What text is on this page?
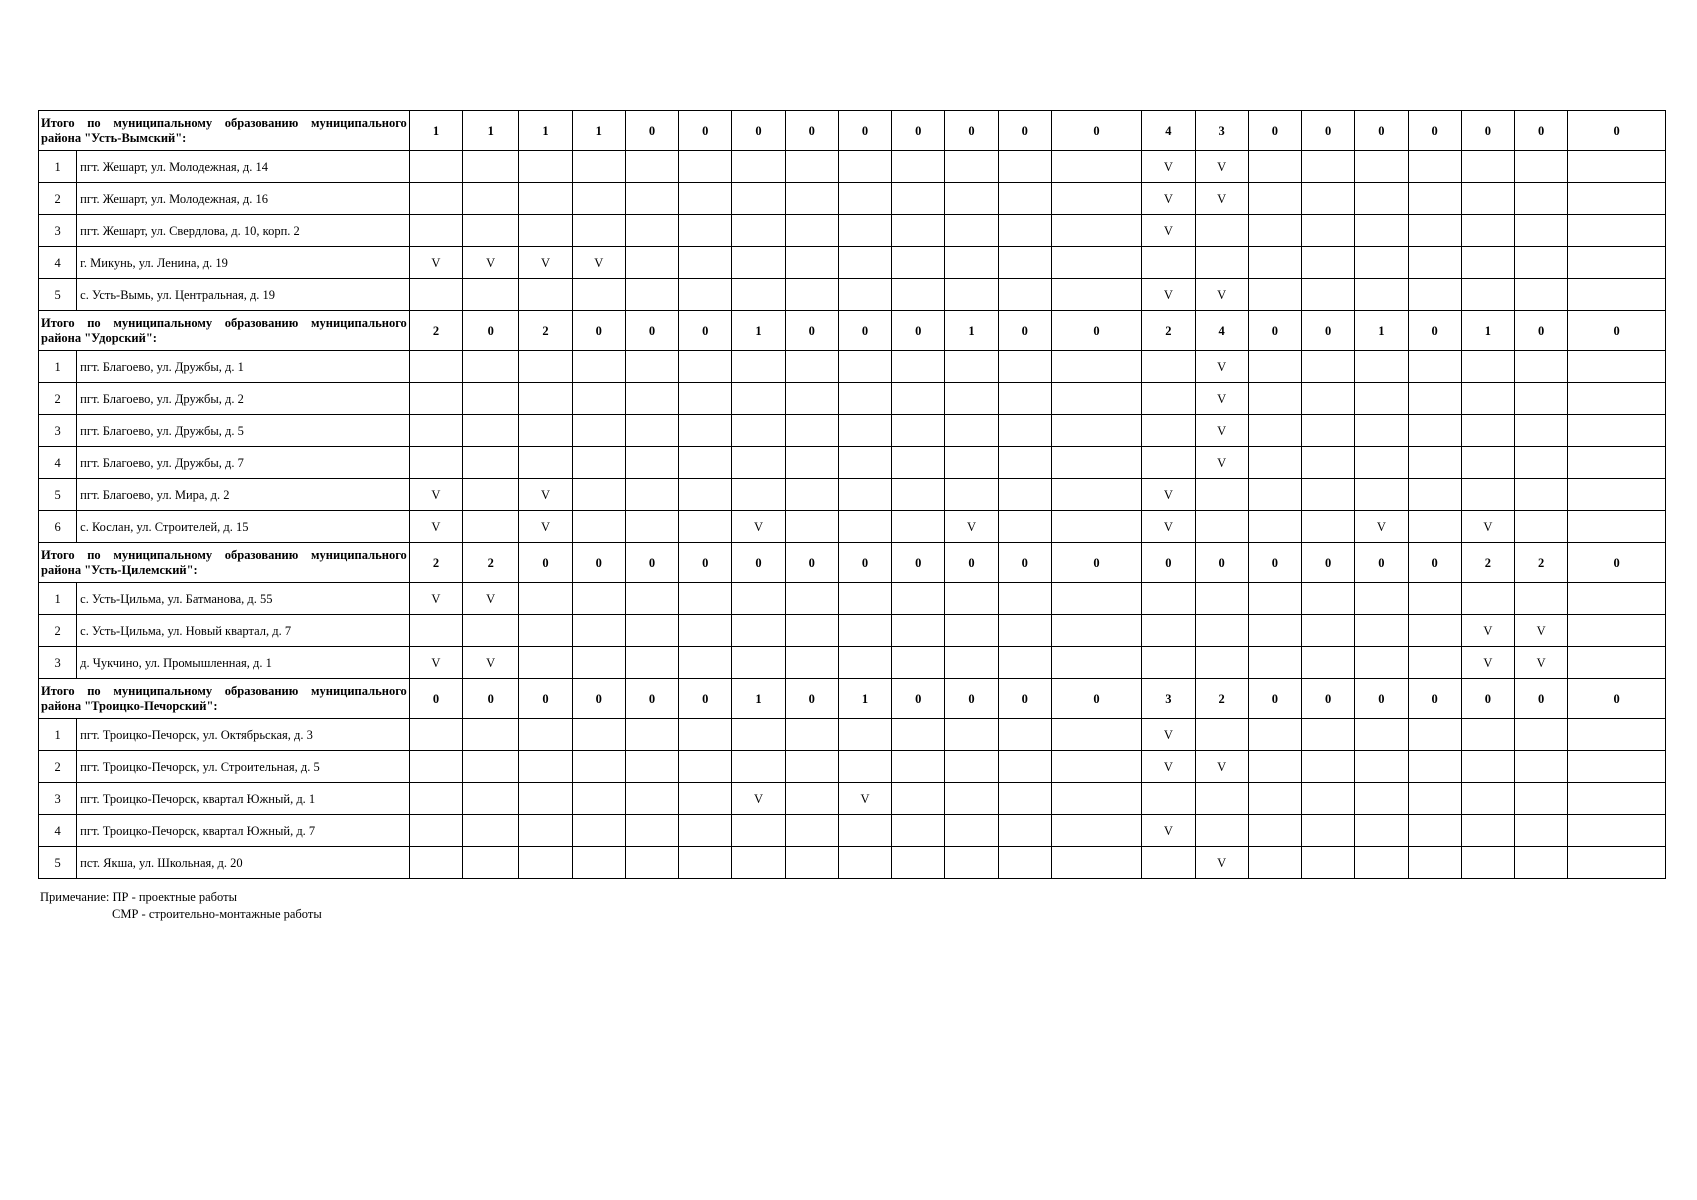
Итого по муниципальному образованию муниципального района "Усть-Вымский":		1	1	1	1	0	0	0	0	0	0	0	0	0	4	3	0	0	0	0	0	0	0
1	пгт. Жешарт, ул. Молодежная, д. 14														V	V							
2	пгт. Жешарт, ул. Молодежная, д. 16														V	V							
3	пгт. Жешарт, ул. Свердлова, д. 10, корп. 2														V								
4	г. Микунь, ул. Ленина, д. 19	V	V	V	V																		
5	с. Усть-Вымь, ул. Центральная, д. 19														V	V							
Итого по муниципальному образованию муниципального района "Удорский":		2	0	2	0	0	0	1	0	0	0	1	0	0	2	4	0	0	1	0	1	0	0
1	пгт. Благоево, ул. Дружбы, д. 1															V							
2	пгт. Благоево, ул. Дружбы, д. 2															V							
3	пгт. Благоево, ул. Дружбы, д. 5															V							
4	пгт. Благоево, ул. Дружбы, д. 7															V							
5	пгт. Благоево, ул. Мира, д. 2	V		V											V								
6	с. Кослан, ул. Строителей, д. 15	V		V				V				V			V				V		V		
Итого по муниципальному образованию муниципального района "Усть-Цилемский":		2	2	0	0	0	0	0	0	0	0	0	0	0	0	0	0	0	0	0	2	2	0
1	с. Усть-Цильма, ул. Батманова, д. 55	V	V																				
2	с. Усть-Цильма, ул. Новый квартал, д. 7																				V	V	
3	д. Чукчино, ул. Промышленная, д. 1	V	V																		V	V	
Итого по муниципальному образованию муниципального района "Троицко-Печорский":		0	0	0	0	0	0	1	0	1	0	0	0	0	3	2	0	0	0	0	0	0	0
1	пгт. Троицко-Печорск, ул. Октябрьская, д. 3														V								
2	пгт. Троицко-Печорск, ул. Строительная, д. 5														V	V							
3	пгт. Троицко-Печорск, квартал Южный, д. 1							V		V													
4	пгт. Троицко-Печорск, квартал Южный, д. 7														V								
5	пст. Якша, ул. Школьная, д. 20															V							
Примечание: ПР - проектные работы
СМР - строительно-монтажные работы
